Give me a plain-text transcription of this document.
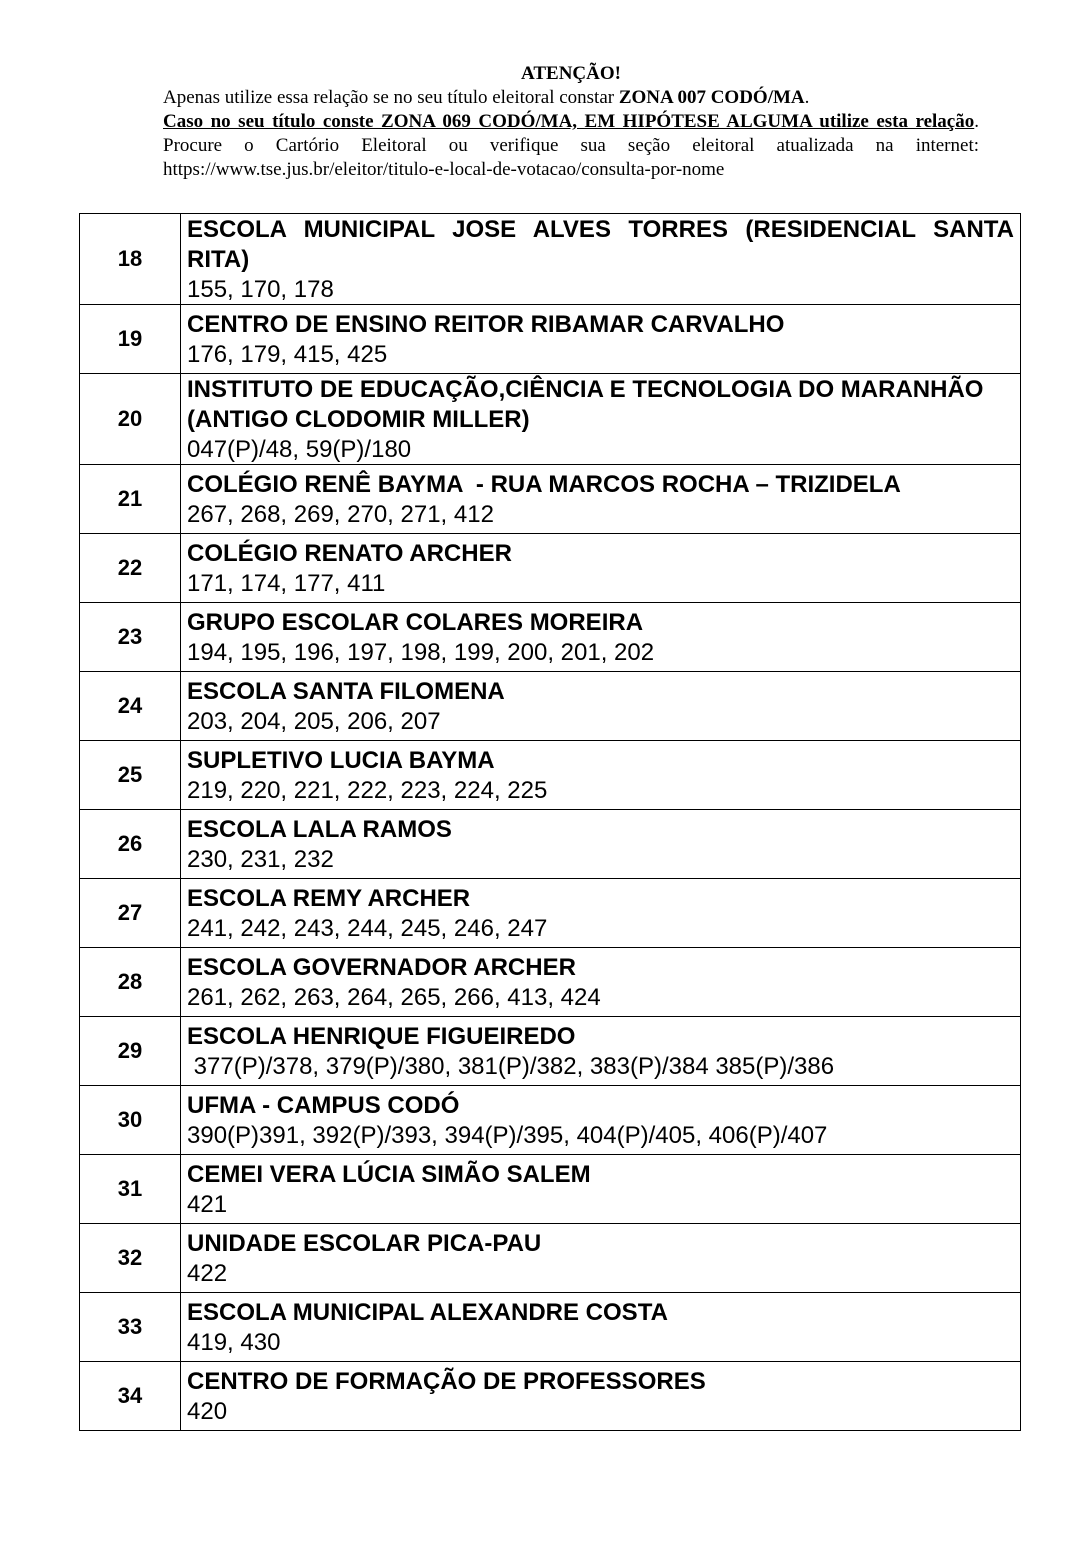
ATENÇÃO!
Apenas utilize essa relação se no seu título eleitoral constar ZONA 007 CODÓ/MA.
Caso no seu título conste ZONA 069 CODÓ/MA, EM HIPÓTESE ALGUMA utilize esta relação. Procure o Cartório Eleitoral ou verifique sua seção eleitoral atualizada na internet: https://www.tse.jus.br/eleitor/titulo-e-local-de-votacao/consulta-por-nome
18	ESCOLA MUNICIPAL JOSE ALVES TORRES (RESIDENCIAL SANTA RITA)
155, 170, 178

19	CENTRO DE ENSINO REITOR RIBAMAR CARVALHO
176, 179, 415, 425

20	INSTITUTO DE EDUCAÇÃO,CIÊNCIA E TECNOLOGIA DO MARANHÃO (ANTIGO CLODOMIR MILLER)
047(P)/48, 59(P)/180

21	COLÉGIO RENÊ BAYMA  - RUA MARCOS ROCHA – TRIZIDELA
267, 268, 269, 270, 271, 412

22	COLÉGIO RENATO ARCHER
171, 174, 177, 411

23	GRUPO ESCOLAR COLARES MOREIRA
194, 195, 196, 197, 198, 199, 200, 201, 202

24	ESCOLA SANTA FILOMENA
203, 204, 205, 206, 207

25	SUPLETIVO LUCIA BAYMA
219, 220, 221, 222, 223, 224, 225

26	ESCOLA LALA RAMOS
230, 231, 232

27	ESCOLA REMY ARCHER
241, 242, 243, 244, 245, 246, 247

28	ESCOLA GOVERNADOR ARCHER
261, 262, 263, 264, 265, 266, 413, 424

29	ESCOLA HENRIQUE FIGUEIREDO
377(P)/378, 379(P)/380, 381(P)/382, 383(P)/384 385(P)/386

30	UFMA - CAMPUS CODÓ
390(P)391, 392(P)/393, 394(P)/395, 404(P)/405, 406(P)/407

31	CEMEI VERA LÚCIA SIMÃO SALEM
421

32	UNIDADE ESCOLAR PICA-PAU
422

33	ESCOLA MUNICIPAL ALEXANDRE COSTA
419, 430

34	CENTRO DE FORMAÇÃO DE PROFESSORES
420
